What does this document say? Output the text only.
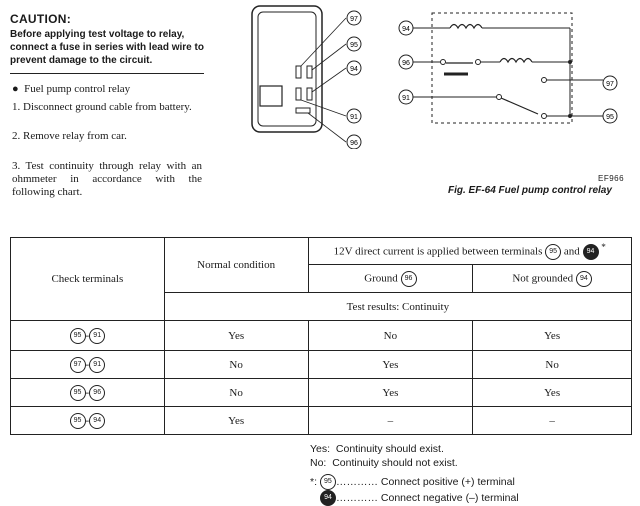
CAUTION:
Before applying test voltage to relay, connect a fuse in series with lead wire to prevent damage to the circuit.
● Fuel pump control relay
1. Disconnect ground cable from battery.
2. Remove relay from car.
3. Test continuity through relay with an ohmmeter in accordance with the following chart.
97
95
94
91
96
94
96
97
91
95
EF966
Fig. EF-64 Fuel pump control relay
Check terminals	Normal condition	12V direct current is applied between terminals 95 and 94 *
		Ground 96	Not grounded 94
	Test results: Continuity		
95 - 91	Yes	No	Yes
97 - 91	No	Yes	No
95 - 96	No	Yes	Yes
95 - 94	Yes	–	–
Yes: Continuity should exist.
No: Continuity should not exist.
*: 95 ………… Connect positive (+) terminal
94 ………… Connect negative (–) terminal
